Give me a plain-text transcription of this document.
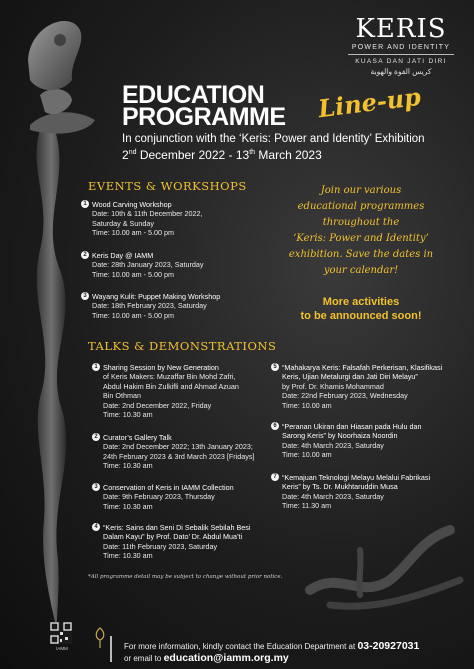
KERIS
POWER AND IDENTITY
KUASA DAN JATI DIRI
كريس القوة والهوية
EDUCATION
PROGRAMME Line-up
In conjunction with the ‘Keris: Power and Identity’ Exhibition
2nd December 2022 - 13th March 2023
EVENTS & WORKSHOPS
1 Wood Carving Workshop
Date: 10th & 11th December 2022,
Saturday & Sunday
Time: 10.00 am - 5.00 pm
2 Keris Day @ IAMM
Date: 28th January 2023, Saturday
Time: 10.00 am - 5.00 pm
3 Wayang Kulit: Puppet Making Workshop
Date: 18th February 2023, Saturday
Time: 10.00 am - 5.00 pm
Join our various
educational programmes
throughout the
‘Keris: Power and Identity’
exhibition. Save the dates in
your calendar!
More activities
to be announced soon!
TALKS & DEMONSTRATIONS
1 Sharing Session by New Generation
of Keris Makers: Muzaffar Bin Mohd Zafri,
Abdul Hakim Bin Zulkifli and Ahmad Azuan
Bin Othman
Date: 2nd December 2022, Friday
Time: 10.30 am
2 Curator’s Gallery Talk
Date: 2nd December 2022; 13th January 2023;
24th February 2023 & 3rd March 2023 [Fridays]
Time: 10.30 am
3 Conservation of Keris in IAMM Collection
Date: 9th February 2023, Thursday
Time: 10.30 am
4 “Keris: Sains dan Seni Di Sebalik Sebilah Besi
Dalam Kayu” by Prof. Dato’ Dr. Abdul Mua’ti
Date: 11th February 2023, Saturday
Time: 10.30 am
5 “Mahakarya Keris: Falsafah Perkerisan, Klasifikasi
Keris, Ujian Metalurgi dan Jati Diri Melayu”
by Prof. Dr. Khamis Mohammad
Date: 22nd February 2023, Wednesday
Time: 10.00 am
6 “Peranan Ukiran dan Hiasan pada Hulu dan
Sarong Keris” by Noorhaiza Noordin
Date: 4th March 2023, Saturday
Time: 10.00 am
7 “Kemajuan Teknologi Melayu Melalui Fabrikasi
Keris” by Ts. Dr. Mukhtaruddin Musa
Date: 4th March 2023, Saturday
Time: 11.30 am
*All programme detail may be subject to change without prior notice.
IAMM	For more information, kindly contact the Education Department at 03-20927031
or email to education@iamm.org.my
